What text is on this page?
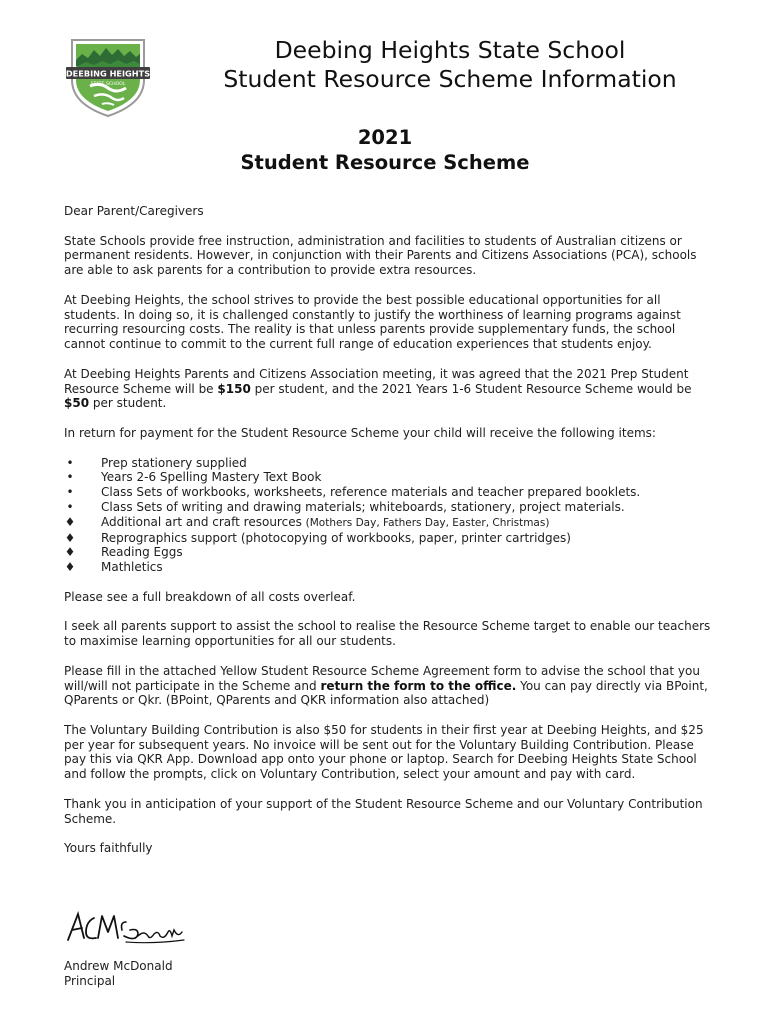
DEEBING HEIGHTS
STATE SCHOOL
Deebing Heights State School
Student Resource Scheme Information
2021
Student Resource Scheme

Dear Parent/Caregivers

State Schools provide free instruction, administration and facilities to students of Australian citizens or permanent residents. However, in conjunction with their Parents and Citizens Associations (PCA), schools are able to ask parents for a contribution to provide extra resources.

At Deebing Heights, the school strives to provide the best possible educational opportunities for all students. In doing so, it is challenged constantly to justify the worthiness of learning programs against recurring resourcing costs. The reality is that unless parents provide supplementary funds, the school cannot continue to commit to the current full range of education experiences that students enjoy.

At Deebing Heights Parents and Citizens Association meeting, it was agreed that the 2021 Prep Student Resource Scheme will be $150 per student, and the 2021 Years 1-6 Student Resource Scheme would be $50 per student.

In return for payment for the Student Resource Scheme your child will receive the following items:

• Prep stationery supplied
• Years 2-6 Spelling Mastery Text Book
• Class Sets of workbooks, worksheets, reference materials and teacher prepared booklets.
• Class Sets of writing and drawing materials; whiteboards, stationery, project materials.
♦ Additional art and craft resources (Mothers Day, Fathers Day, Easter, Christmas)
♦ Reprographics support (photocopying of workbooks, paper, printer cartridges)
♦ Reading Eggs
♦ Mathletics

Please see a full breakdown of all costs overleaf.

I seek all parents support to assist the school to realise the Resource Scheme target to enable our teachers to maximise learning opportunities for all our students.

Please fill in the attached Yellow Student Resource Scheme Agreement form to advise the school that you will/will not participate in the Scheme and return the form to the office. You can pay directly via BPoint, QParents or Qkr. (BPoint, QParents and QKR information also attached)

The Voluntary Building Contribution is also $50 for students in their first year at Deebing Heights, and $25 per year for subsequent years. No invoice will be sent out for the Voluntary Building Contribution. Please pay this via QKR App. Download app onto your phone or laptop. Search for Deebing Heights State School and follow the prompts, click on Voluntary Contribution, select your amount and pay with card.

Thank you in anticipation of your support of the Student Resource Scheme and our Voluntary Contribution Scheme.

Yours faithfully

Andrew McDonald
Principal
